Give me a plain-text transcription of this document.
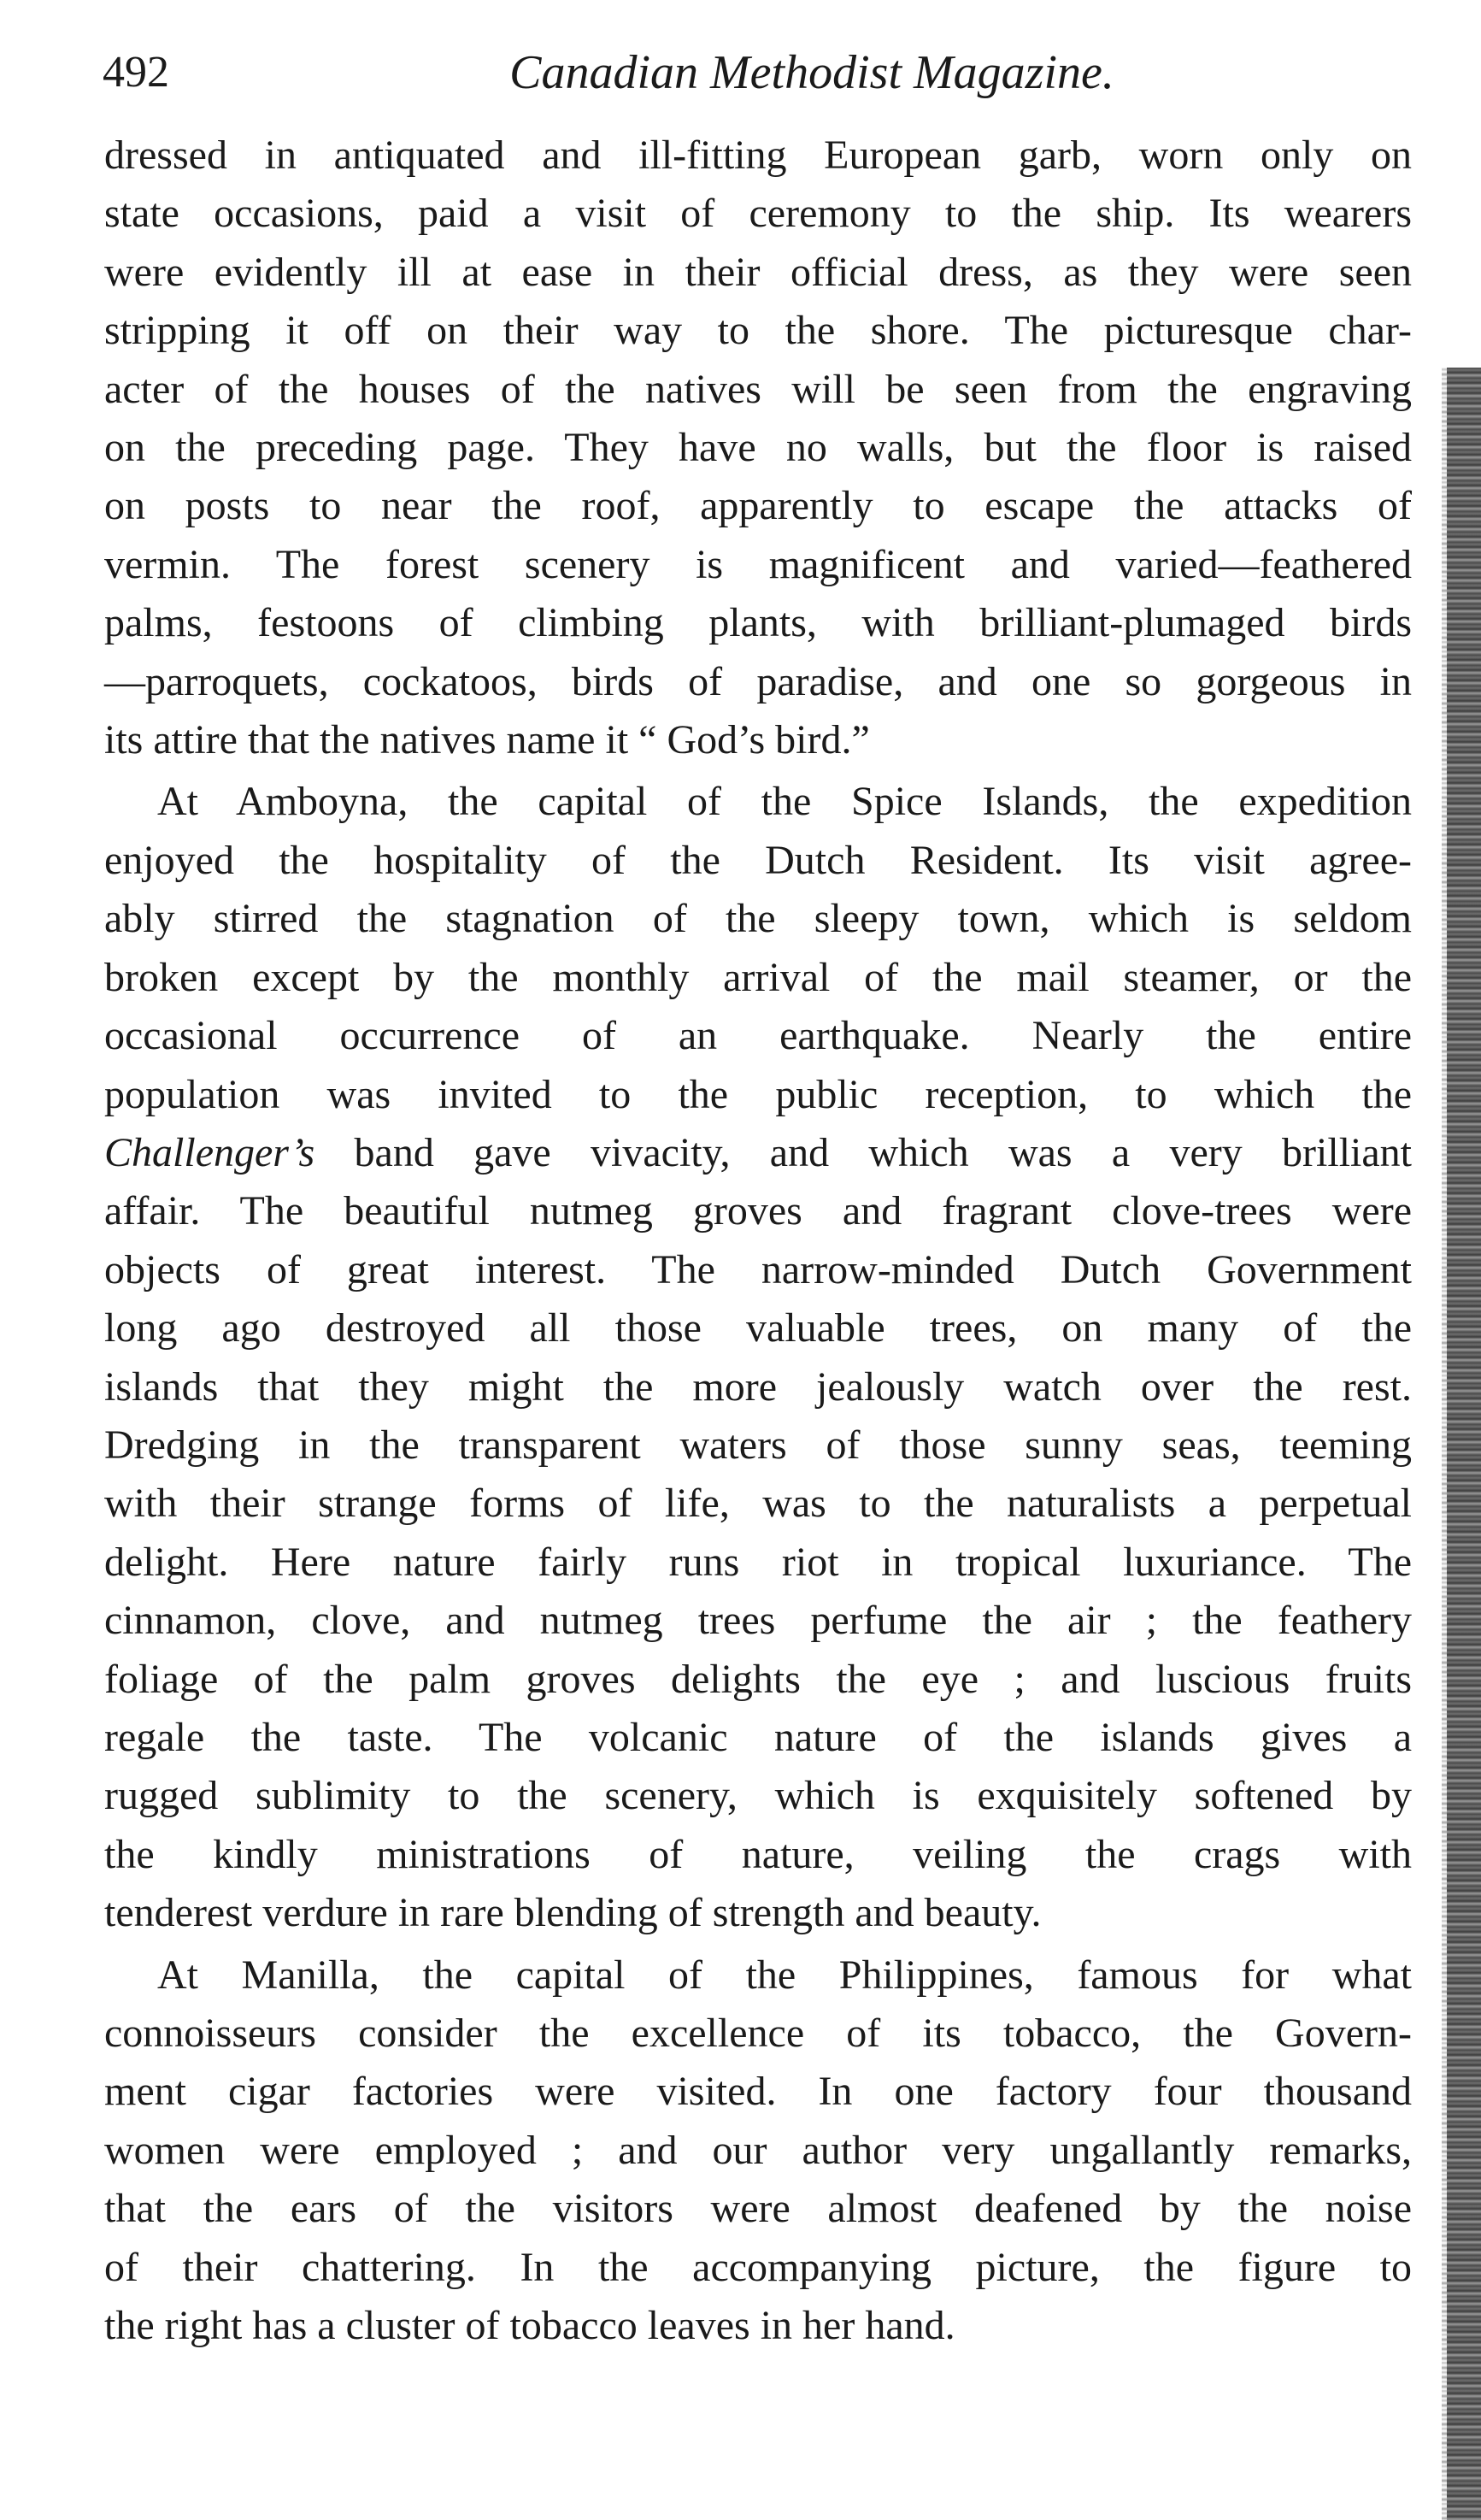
492	Canadian Methodist Magazine.

dressed in antiquated and ill-fitting European garb, worn only on
state occasions, paid a visit of ceremony to the ship. Its wearers
were evidently ill at ease in their official dress, as they were seen
stripping it off on their way to the shore. The picturesque char-
acter of the houses of the natives will be seen from the engraving
on the preceding page. They have no walls, but the floor is raised
on posts to near the roof, apparently to escape the attacks of
vermin. The forest scenery is magnificent and varied—feathered
palms, festoons of climbing plants, with brilliant-plumaged birds
—parroquets, cockatoos, birds of paradise, and one so gorgeous in
its attire that the natives name it “ God’s bird.”

At Amboyna, the capital of the Spice Islands, the expedition
enjoyed the hospitality of the Dutch Resident. Its visit agree-
ably stirred the stagnation of the sleepy town, which is seldom
broken except by the monthly arrival of the mail steamer, or the
occasional occurrence of an earthquake. Nearly the entire
population was invited to the public reception, to which the
Challenger’s band gave vivacity, and which was a very brilliant
affair. The beautiful nutmeg groves and fragrant clove-trees were
objects of great interest. The narrow-minded Dutch Government
long ago destroyed all those valuable trees, on many of the
islands that they might the more jealously watch over the rest.
Dredging in the transparent waters of those sunny seas, teeming
with their strange forms of life, was to the naturalists a perpetual
delight. Here nature fairly runs riot in tropical luxuriance. The
cinnamon, clove, and nutmeg trees perfume the air ; the feathery
foliage of the palm groves delights the eye ; and luscious fruits
regale the taste. The volcanic nature of the islands gives a
rugged sublimity to the scenery, which is exquisitely softened by
the kindly ministrations of nature, veiling the crags with
tenderest verdure in rare blending of strength and beauty.

At Manilla, the capital of the Philippines, famous for what
connoisseurs consider the excellence of its tobacco, the Govern-
ment cigar factories were visited. In one factory four thousand
women were employed ; and our author very ungallantly remarks,
that the ears of the visitors were almost deafened by the noise
of their chattering. In the accompanying picture, the figure to
the right has a cluster of tobacco leaves in her hand.
